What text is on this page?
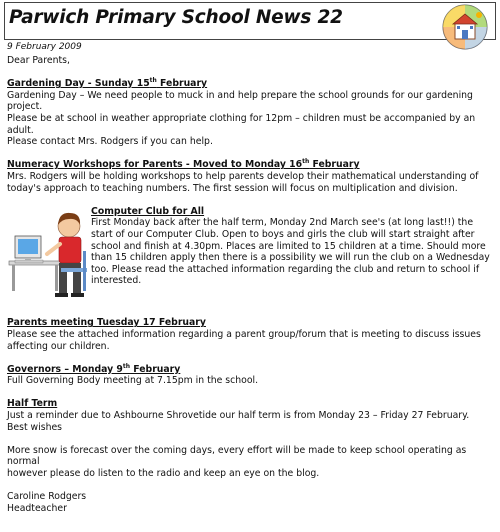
Parwich Primary School News 22
9 February 2009

Dear Parents,

Gardening Day - Sunday 15th February

Gardening Day – We need people to muck in and help prepare the school grounds for our gardening project.

Please be at school in weather appropriate clothing for 12pm – children must be accompanied by an adult.

Please contact Mrs. Rodgers if you can help.

Numeracy Workshops for Parents - Moved to Monday 16th February

Mrs. Rodgers will be holding workshops to help parents develop their mathematical understanding of

today's approach to teaching numbers. The first session will focus on multiplication and division.

Computer Club for All

First Monday back after the half term, Monday 2nd March see's (at long last!!) the

start of our Computer Club. Open to boys and girls the club will start straight after

school and finish at 4.30pm. Places are limited to 15 children at a time. Should more

than 15 children apply then there is a possibility we will run the club on a Wednesday

too. Please read the attached information regarding the club and return to school if

interested.

Parents meeting Tuesday 17 February

Please see the attached information regarding a parent group/forum that is meeting to discuss issues

affecting our children.

Governors – Monday 9th February

Full Governing Body meeting at 7.15pm in the school.

Half Term

Just a reminder due to Ashbourne Shrovetide our half term is from Monday 23 – Friday 27 February.

Best wishes

More snow is forecast over the coming days, every effort will be made to keep school operating as normal

however please do listen to the radio and keep an eye on the blog.

Caroline Rodgers

Headteacher
